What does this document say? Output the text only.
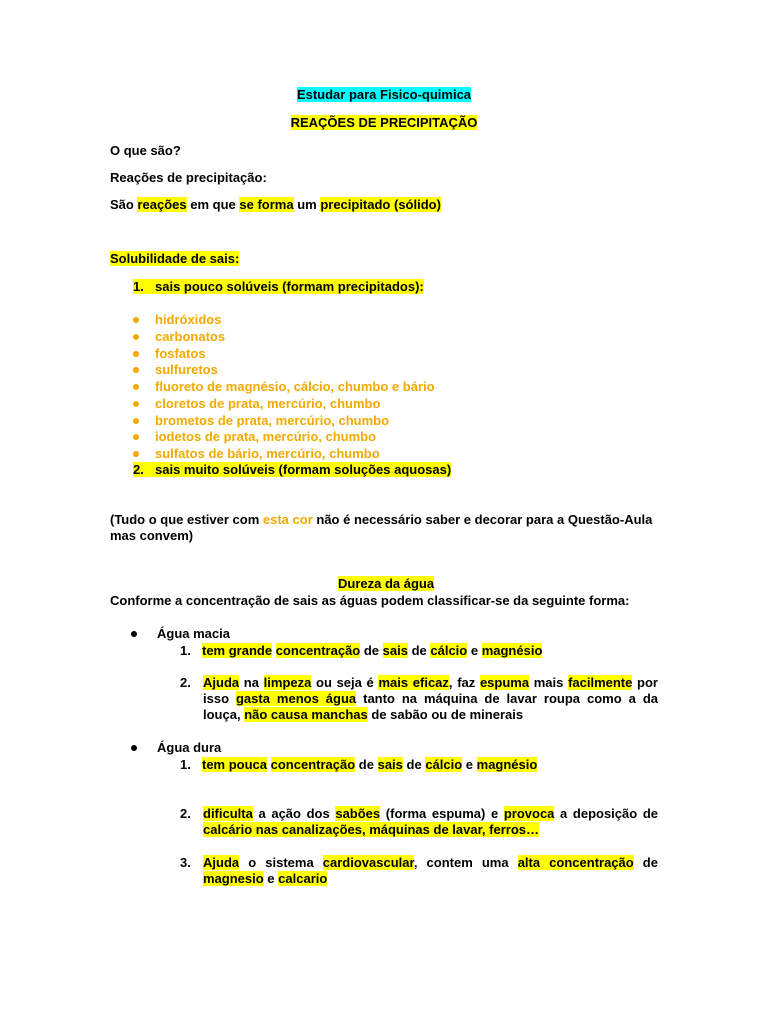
Estudar para Fisico-quimica
REAÇÕES DE PRECIPITAÇÃO
O que são?
Reações de precipitação:
São reações em que se forma um precipitado (sólido)
Solubilidade de sais:
1. sais pouco solúveis (formam precipitados):
hidróxidos
carbonatos
fosfatos
sulfuretos
fluoreto de magnésio, cálcio, chumbo e bário
cloretos de prata, mercúrio, chumbo
brometos de prata, mercúrio, chumbo
iodetos de prata, mercúrio, chumbo
sulfatos de bário, mercúrio, chumbo
2. sais muito solúveis (formam soluções aquosas)
(Tudo o que estiver com esta cor não é necessário saber e decorar para a Questão-Aula mas convem)
Dureza da água
Conforme a concentração de sais as águas podem classificar-se da seguinte forma:
Água macia
1. tem grande concentração de sais de cálcio e magnésio
2. Ajuda na limpeza ou seja é mais eficaz, faz espuma mais facilmente por isso gasta menos água tanto na máquina de lavar roupa como a da louça, não causa manchas de sabão ou de minerais
Água dura
1. tem pouca concentração de sais de cálcio e magnésio
2. dificulta a ação dos sabões (forma espuma) e provoca a deposição de calcário nas canalizações, máquinas de lavar, ferros…
3. Ajuda o sistema cardiovascular, contem uma alta concentração de magnesio e calcario
